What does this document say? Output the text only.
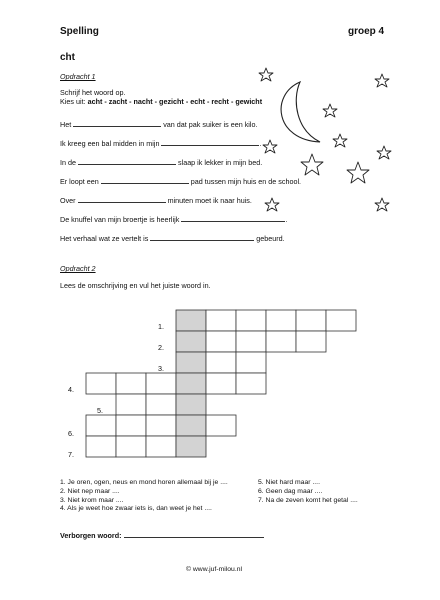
Spelling	groep 4
cht
Opdracht 1
Schrijf het woord op.
Kies uit: acht - zacht - nacht - gezicht - echt - recht - gewicht
Het	van dat pak suiker is een kilo.
Ik kreeg een bal midden in mijn	.
In de	slaap ik lekker in mijn bed.
Er loopt een	pad tussen mijn huis en de school.
Over	minuten moet ik naar huis.
De knuffel van mijn broertje is heerlijk	.
Het verhaal wat ze vertelt is	gebeurd.
Opdracht 2
Lees de omschrijving en vul het juiste woord in.
1.
2.
3.
4.
5.
6.
7.
1. Je oren, ogen, neus en mond horen allemaal bij je ....
2. Niet nep maar ....
3. Niet krom maar ....
4. Als je weet hoe zwaar iets is, dan weet je het ....
5. Niet hard maar ....
6. Geen dag maar ....
7. Na de zeven komt het getal ....
Verborgen woord:
© www.juf-milou.nl
